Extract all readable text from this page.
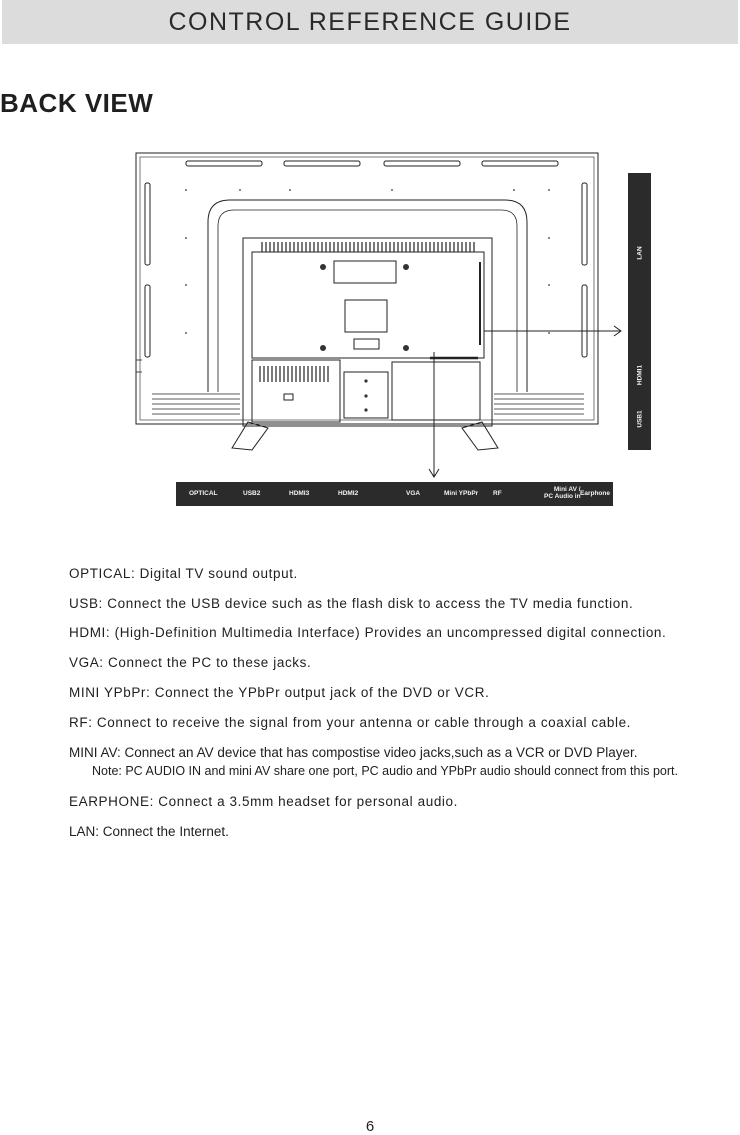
CONTROL REFERENCE GUIDE
BACK VIEW
OPTICAL	USB2	HDMI3	HDMI2	VGA	Mini YPbPr RF
Mini AV /
PC Audio in Earphone
LAN
HDMI1
USB1
OPTICAL: Digital TV sound output.
USB: Connect the USB device such as the flash disk to access the TV media function.
HDMI: (High-Definition Multimedia Interface) Provides an uncompressed digital connection.
VGA: Connect the PC to these jacks.
MINI YPbPr: Connect the YPbPr output jack of the DVD or VCR.
RF: Connect to receive the signal from your antenna or cable through a coaxial cable.
MINI AV: Connect an AV device that has compostise video jacks,such as a VCR or DVD Player.
Note: PC AUDIO IN and mini AV share one port, PC audio and YPbPr audio should connect from this port.
EARPHONE: Connect a 3.5mm headset for personal audio.
LAN: Connect the Internet.
6
